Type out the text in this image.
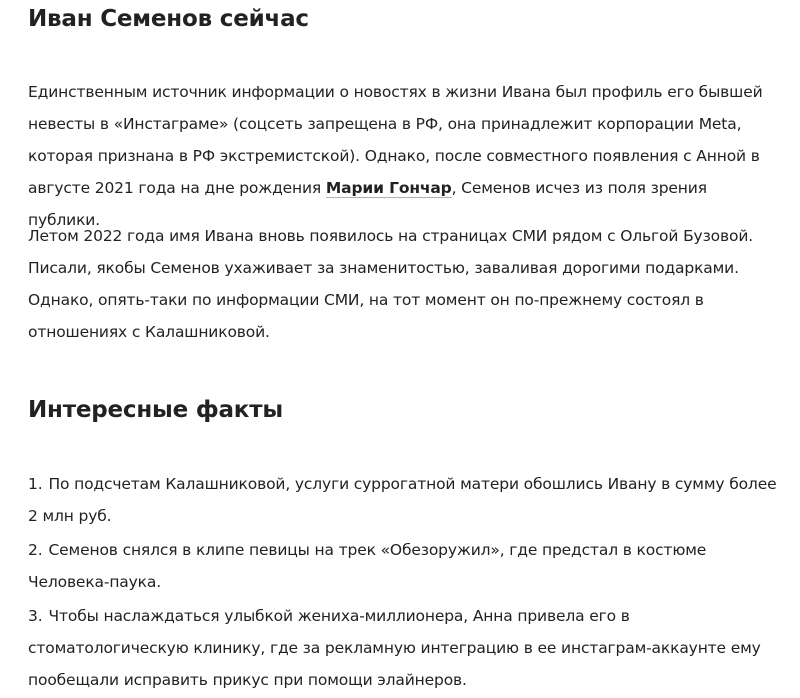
Иван Семенов сейчас

Единственным источник информации о новостях в жизни Ивана был профиль его бывшей невесты в «Инстаграме» (соцсеть запрещена в РФ, она принадлежит корпорации Meta, которая признана в РФ экстремистской). Однако, после совместного появления с Анной в августе 2021 года на дне рождения Марии Гончар, Семенов исчез из поля зрения публики.

Летом 2022 года имя Ивана вновь появилось на страницах СМИ рядом с Ольгой Бузовой. Писали, якобы Семенов ухаживает за знаменитостью, заваливая дорогими подарками. Однако, опять-таки по информации СМИ, на тот момент он по-прежнему состоял в отношениях с Калашниковой.

Интересные факты
1. По подсчетам Калашниковой, услуги суррогатной матери обошлись Ивану в сумму более 2 млн руб.
2. Семенов снялся в клипе певицы на трек «Обезоружил», где предстал в костюме Человека-паука.
3. Чтобы наслаждаться улыбкой жениха-миллионера, Анна привела его в стоматологическую клинику, где за рекламную интеграцию в ее инстаграм-аккаунте ему пообещали исправить прикус при помощи элайнеров.
